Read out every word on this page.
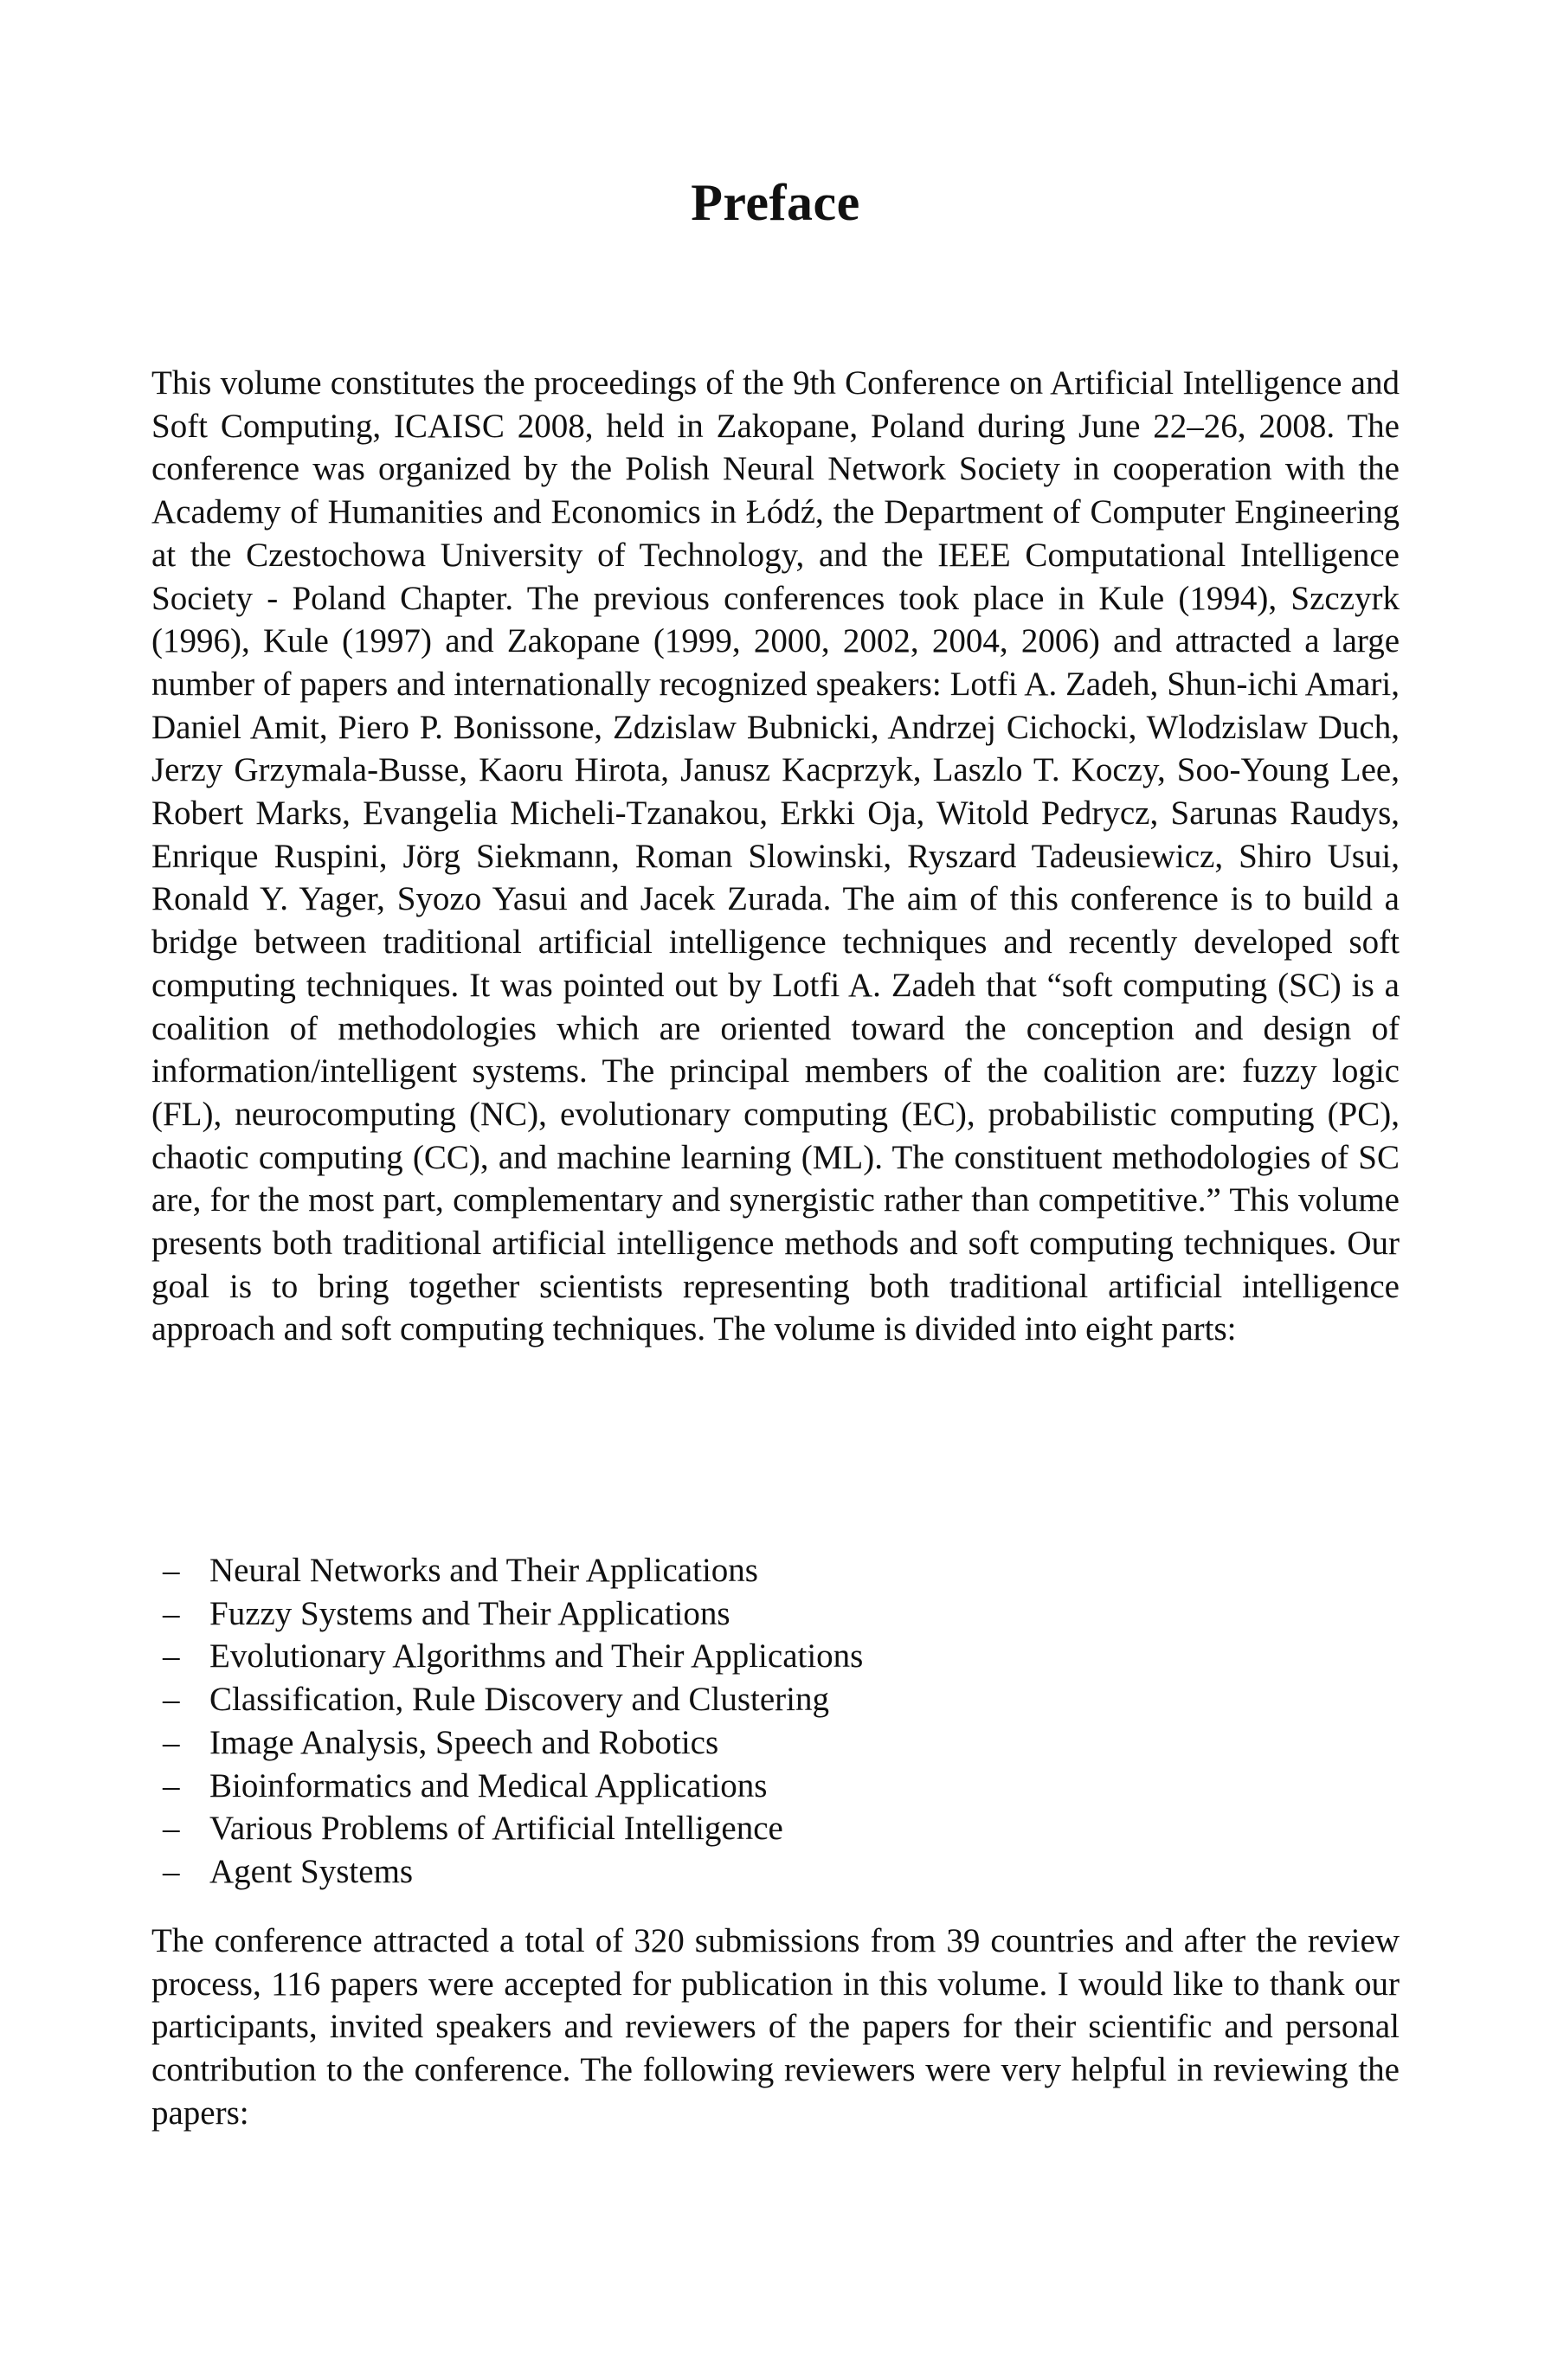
Preface

This volume constitutes the proceedings of the 9th Conference on Artificial Intelligence and Soft Computing, ICAISC 2008, held in Zakopane, Poland during June 22–26, 2008. The conference was organized by the Polish Neural Network Society in cooperation with the Academy of Humanities and Economics in Łódź, the Department of Computer Engineering at the Czestochowa University of Technology, and the IEEE Computational Intelligence Society - Poland Chapter. The previous conferences took place in Kule (1994), Szczyrk (1996), Kule (1997) and Zakopane (1999, 2000, 2002, 2004, 2006) and attracted a large number of papers and internationally recognized speakers: Lotfi A. Zadeh, Shun-ichi Amari, Daniel Amit, Piero P. Bonissone, Zdzislaw Bubnicki, Andrzej Cichocki, Wlodzislaw Duch, Jerzy Grzymala-Busse, Kaoru Hirota, Janusz Kacprzyk, Laszlo T. Koczy, Soo-Young Lee, Robert Marks, Evangelia Micheli-Tzanakou, Erkki Oja, Witold Pedrycz, Sarunas Raudys, Enrique Ruspini, Jörg Siekmann, Roman Slowinski, Ryszard Tadeusiewicz, Shiro Usui, Ronald Y. Yager, Syozo Yasui and Jacek Zurada. The aim of this conference is to build a bridge between traditional artificial intelligence techniques and recently developed soft computing techniques. It was pointed out by Lotfi A. Zadeh that “soft computing (SC) is a coalition of methodologies which are oriented toward the conception and design of information/intelligent systems. The principal members of the coalition are: fuzzy logic (FL), neurocomputing (NC), evolutionary computing (EC), probabilistic computing (PC), chaotic computing (CC), and machine learning (ML). The constituent methodologies of SC are, for the most part, complementary and synergistic rather than competitive.” This volume presents both traditional artificial intelligence methods and soft computing techniques. Our goal is to bring together scientists representing both traditional artificial intelligence approach and soft computing techniques. The volume is divided into eight parts:

– Neural Networks and Their Applications
– Fuzzy Systems and Their Applications
– Evolutionary Algorithms and Their Applications
– Classification, Rule Discovery and Clustering
– Image Analysis, Speech and Robotics
– Bioinformatics and Medical Applications
– Various Problems of Artificial Intelligence
– Agent Systems

The conference attracted a total of 320 submissions from 39 countries and after the review process, 116 papers were accepted for publication in this volume. I would like to thank our participants, invited speakers and reviewers of the papers for their scientific and personal contribution to the conference. The following reviewers were very helpful in reviewing the papers:
